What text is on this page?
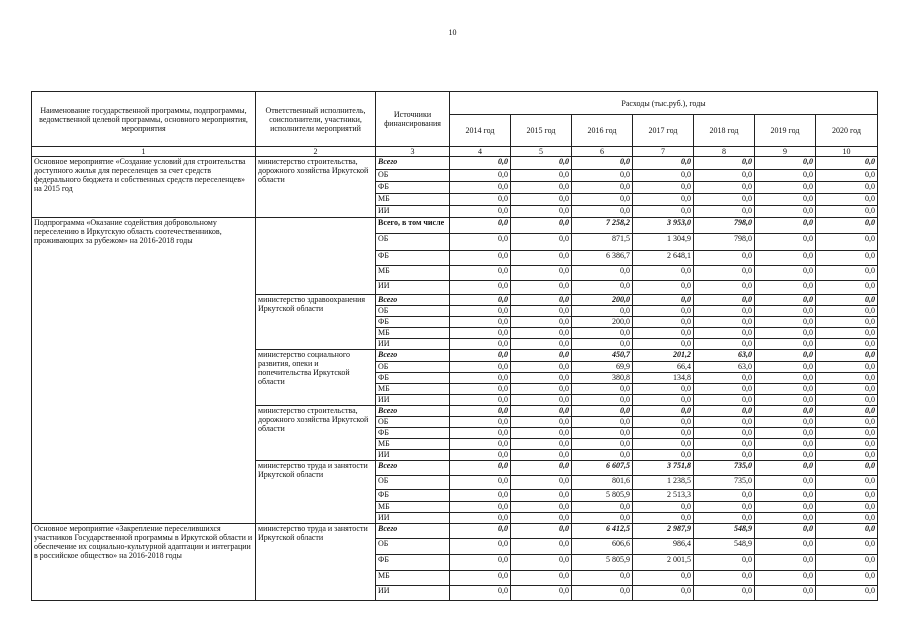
10
Наименование государственной программы, подпрограммы, ведомственной целевой программы, основного мероприятия, мероприятия	Ответственный исполнитель, соисполнители, участники, исполнители мероприятий	Источники финансирования	Расходы (тыс.руб.), годы						
			2014 год	2015 год	2016 год	2017 год	2018 год	2019 год	2020 год
1	2	3	4	5	6	7	8	9	10
Основное мероприятие «Создание условий для строительства доступного жилья для переселенцев за счет средств федерального бюджета и собственных средств переселенцев» на 2015 год	министерство строительства, дорожного хозяйства Иркутской области	Всего	0,0	0,0	0,0	0,0	0,0	0,0	0,0
		ОБ	0,0	0,0	0,0	0,0	0,0	0,0	0,0
		ФБ	0,0	0,0	0,0	0,0	0,0	0,0	0,0
		МБ	0,0	0,0	0,0	0,0	0,0	0,0	0,0
		ИИ	0,0	0,0	0,0	0,0	0,0	0,0	0,0
Подпрограмма «Оказание содействия добровольному переселению в Иркутскую область соотечественников, проживающих за рубежом» на 2016-2018 годы		Всего, в том числе	0,0	0,0	7 258,2	3 953,0	798,0	0,0	0,0
		ОБ	0,0	0,0	871,5	1 304,9	798,0	0,0	0,0
		ФБ	0,0	0,0	6 386,7	2 648,1	0,0	0,0	0,0
		МБ	0,0	0,0	0,0	0,0	0,0	0,0	0,0
		ИИ	0,0	0,0	0,0	0,0	0,0	0,0	0,0
	министерство здравоохранения Иркутской области	Всего	0,0	0,0	200,0	0,0	0,0	0,0	0,0
		ОБ	0,0	0,0	0,0	0,0	0,0	0,0	0,0
		ФБ	0,0	0,0	200,0	0,0	0,0	0,0	0,0
		МБ	0,0	0,0	0,0	0,0	0,0	0,0	0,0
		ИИ	0,0	0,0	0,0	0,0	0,0	0,0	0,0
	министерство социального развития, опеки и попечительства Иркутской области	Всего	0,0	0,0	450,7	201,2	63,0	0,0	0,0
		ОБ	0,0	0,0	69,9	66,4	63,0	0,0	0,0
		ФБ	0,0	0,0	380,8	134,8	0,0	0,0	0,0
		МБ	0,0	0,0	0,0	0,0	0,0	0,0	0,0
		ИИ	0,0	0,0	0,0	0,0	0,0	0,0	0,0
	министерство строительства, дорожного хозяйства Иркутской области	Всего	0,0	0,0	0,0	0,0	0,0	0,0	0,0
		ОБ	0,0	0,0	0,0	0,0	0,0	0,0	0,0
		ФБ	0,0	0,0	0,0	0,0	0,0	0,0	0,0
		МБ	0,0	0,0	0,0	0,0	0,0	0,0	0,0
		ИИ	0,0	0,0	0,0	0,0	0,0	0,0	0,0
	министерство труда и занятости Иркутской области	Всего	0,0	0,0	6 607,5	3 751,8	735,0	0,0	0,0
		ОБ	0,0	0,0	801,6	1 238,5	735,0	0,0	0,0
		ФБ	0,0	0,0	5 805,9	2 513,3	0,0	0,0	0,0
		МБ	0,0	0,0	0,0	0,0	0,0	0,0	0,0
		ИИ	0,0	0,0	0,0	0,0	0,0	0,0	0,0
Основное мероприятие «Закрепление переселившихся участников Государственной программы в Иркутской области и обеспечение их социально-культурной адаптации и интеграции в российское общество» на 2016-2018 годы	министерство труда и занятости Иркутской области	Всего	0,0	0,0	6 412,5	2 987,9	548,9	0,0	0,0
		ОБ	0,0	0,0	606,6	986,4	548,9	0,0	0,0
		ФБ	0,0	0,0	5 805,9	2 001,5	0,0	0,0	0,0
		МБ	0,0	0,0	0,0	0,0	0,0	0,0	0,0
		ИИ	0,0	0,0	0,0	0,0	0,0	0,0	0,0
